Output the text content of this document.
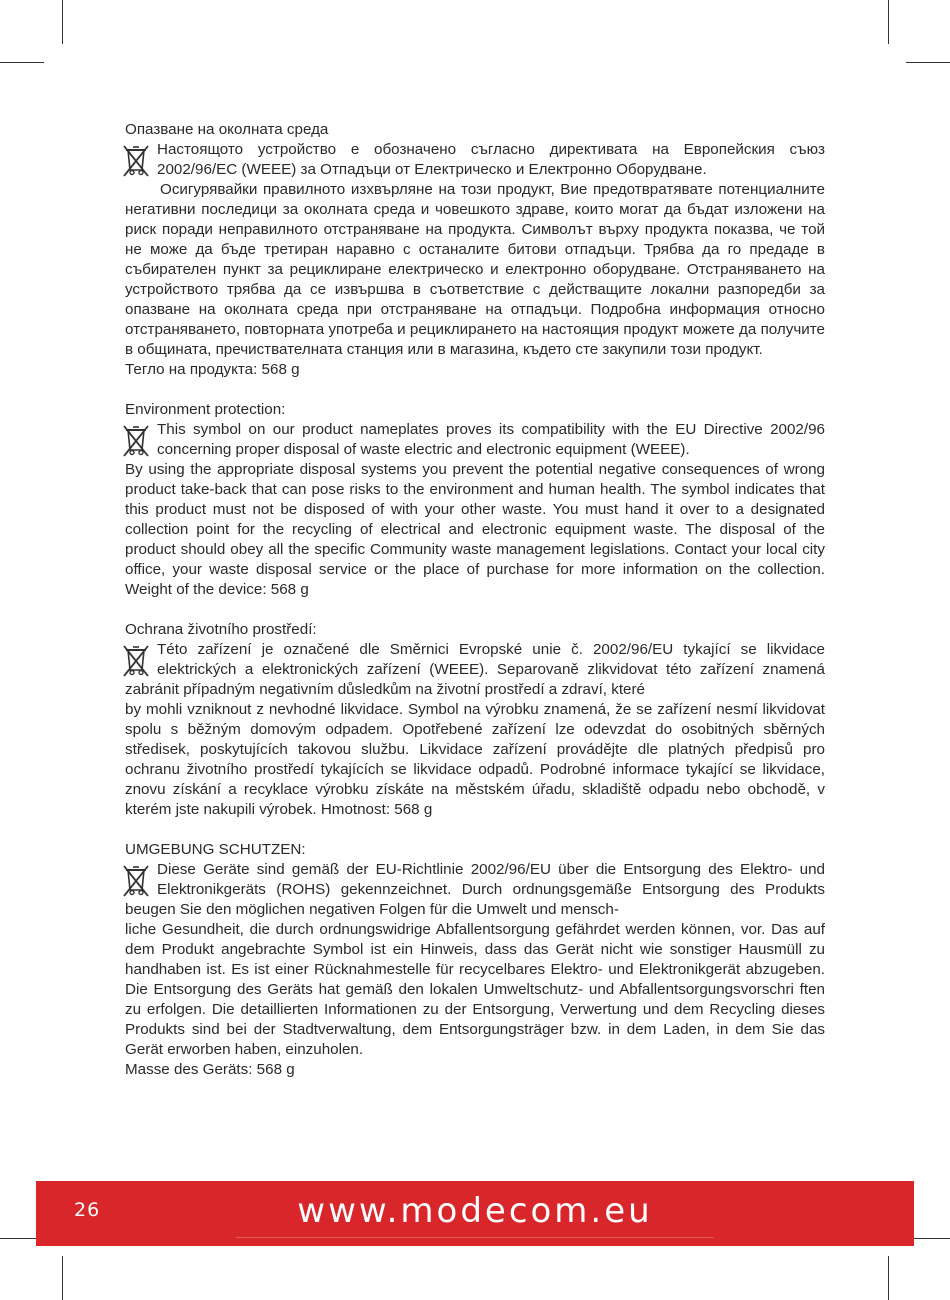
Опазване на околната среда

Настоящото устройство е обозначено съгласно директивата на Европейския съюз 2002/96/EC (WEEE) за Отпадъци от Електрическо и Електронно Оборудване.

Осигурявайки правилното изхвърляне на този продукт, Вие предотвратявате потенциалните негативни последици за околната среда и човешкото здраве, които могат да бъдат изложени на риск поради неправилното отстраняване на продукта. Символът върху продукта показва, че той не може да бъде третиран наравно с останалите битови отпадъци. Трябва да го предаде в събирателен пункт за рециклиране електрическо и електронно оборудване. Отстраняването на устройството трябва да се извършва в съответствие с действащите локални разпоредби за опазване на околната среда при отстраняване на отпадъци. Подробна информация относно отстраняването, повторната употреба и рециклирането на настоящия продукт можете да получите в общината, пречиствателната станция или в магазина, където сте закупили този продукт.

Тегло на продукта: 568 g
Environment protection:

This symbol on our product nameplates proves its compatibility with the EU Directive 2002/96 concerning proper disposal of waste electric and electronic equipment (WEEE).

By using the appropriate disposal systems you prevent the potential negative consequences of wrong product take-back that can pose risks to the environment and human health. The symbol indicates that this product must not be disposed of with your other waste. You must hand it over to a designated collection point for the recycling of electrical and electronic equipment waste. The disposal of the product should obey all the specific Community waste management legislations. Contact your local city office, your waste disposal service or the place of purchase for more information on the collection. Weight of the device: 568 g

Ochrana životního prostředí:

Této zařízení je označené dle Směrnici Evropské unie č. 2002/96/EU tykající se likvidace elektrických a elektronických zařízení (WEEE). Separovaně zlikvidovat této zařízení znamená zabránit případným negativním důsledkům na životní prostředí a zdraví, které

by mohli vzniknout z nevhodné likvidace. Symbol na výrobku znamená, že se zařízení nesmí likvidovat spolu s běžným domovým odpadem. Opotřebené zařízení lze odevzdat do osobitných sběrných středisek, poskytujících takovou službu. Likvidace zařízení provádějte dle platných předpisů pro ochranu životního prostředí tykajících se likvidace odpadů. Podrobné informace tykající se likvidace, znovu získání a recyklace výrobku získáte na městském úřadu, skladiště odpadu nebo obchodě, v kterém jste nakupili výrobek. Hmotnost: 568 g

UMGEBUNG SCHUTZEN:

Diese Geräte sind gemäß der EU-Richtlinie 2002/96/EU über die Entsorgung des Elektro- und Elektronikgeräts (ROHS) gekennzeichnet. Durch ordnungsgemäße Entsorgung des Produkts beugen Sie den möglichen negativen Folgen für die Umwelt und mensch-

liche Gesundheit, die durch ordnungswidrige Abfallentsorgung gefährdet werden können, vor. Das auf dem Produkt angebrachte Symbol ist ein Hinweis, dass das Gerät nicht wie sonstiger Hausmüll zu handhaben ist. Es ist einer Rücknahmestelle für recycelbares Elektro- und Elektronikgerät abzugeben. Die Entsorgung des Geräts hat gemäß den lokalen Umweltschutz- und Abfallentsorgungsvorschri ften zu erfolgen. Die detaillierten Informationen zu der Entsorgung, Verwertung und dem Recycling dieses Produkts sind bei der Stadtverwaltung, dem Entsorgungsträger bzw. in dem Laden, in dem Sie das Gerät erworben haben, einzuholen.

Masse des Geräts: 568 g
26	www.modecom.eu
